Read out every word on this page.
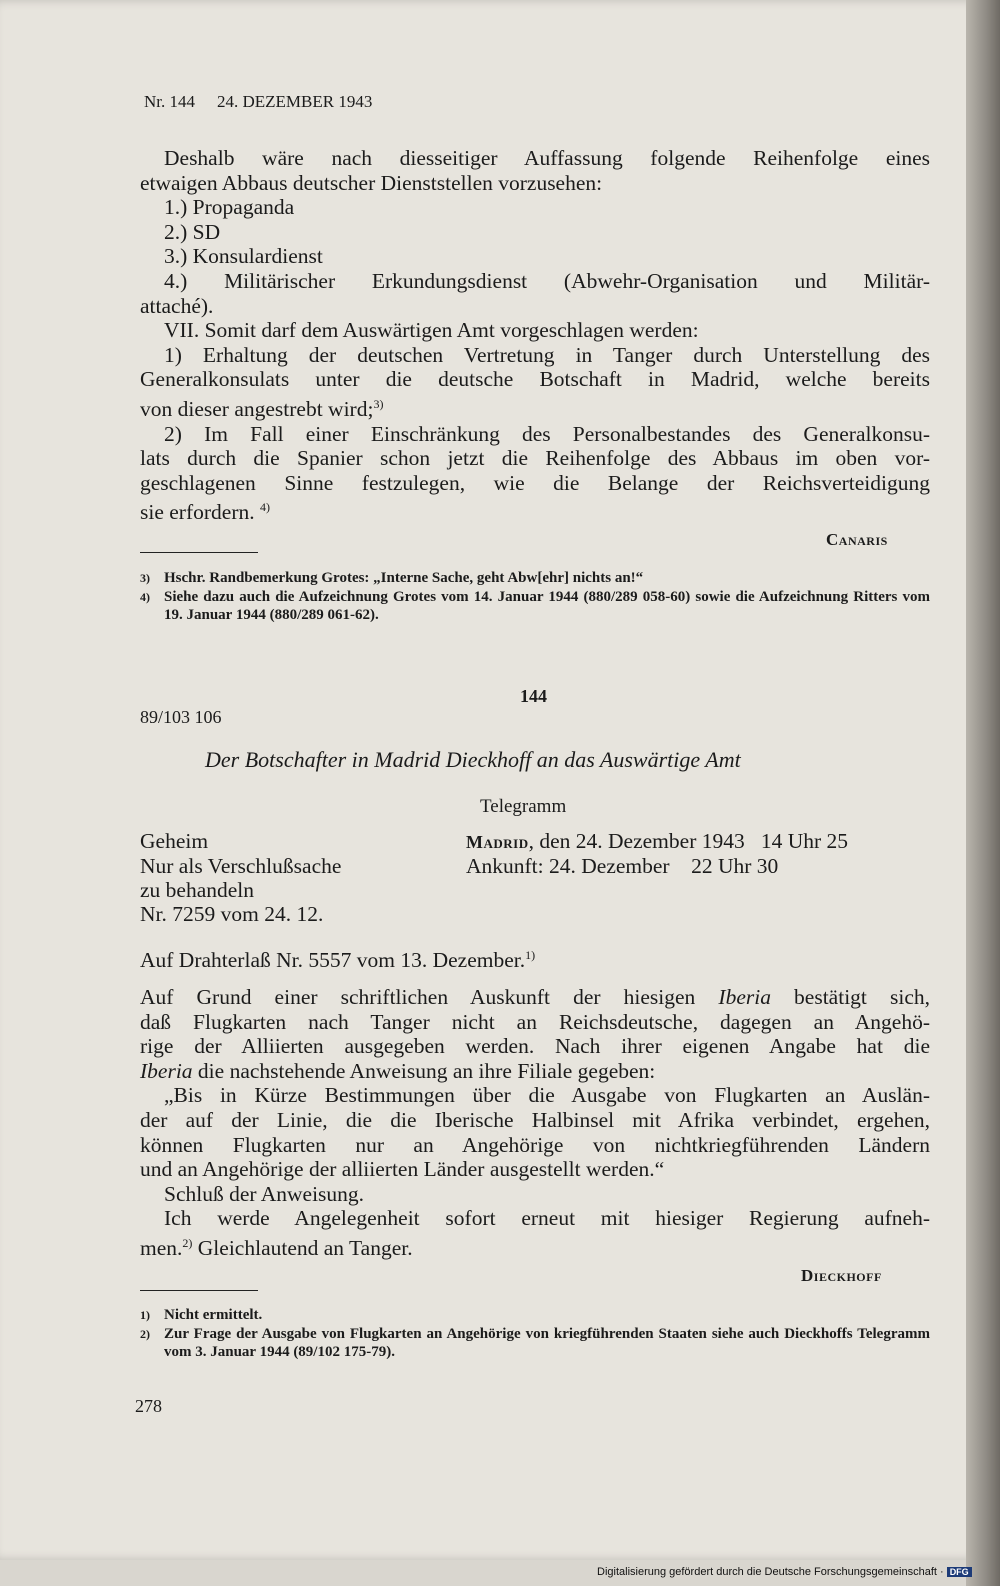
Nr. 144 24. DEZEMBER 1943
Deshalb wäre nach diesseitiger Auffassung folgende Reihenfolge eines
etwaigen Abbaus deutscher Dienststellen vorzusehen:
1.) Propaganda
2.) SD
3.) Konsulardienst
4.) Militärischer Erkundungsdienst (Abwehr-Organisation und Militär-
attaché).
VII. Somit darf dem Auswärtigen Amt vorgeschlagen werden:
1) Erhaltung der deutschen Vertretung in Tanger durch Unterstellung des
Generalkonsulats unter die deutsche Botschaft in Madrid, welche bereits
von dieser angestrebt wird;$^{3)}$
2) Im Fall einer Einschränkung des Personalbestandes des Generalkonsu-
lats durch die Spanier schon jetzt die Reihenfolge des Abbaus im oben vor-
geschlagenen Sinne festzulegen, wie die Belange der Reichsverteidigung
sie erfordern. $^{4)}$
Canaris
3) Hschr. Randbemerkung Grotes: „Interne Sache, geht Abw[ehr] nichts an!“
4) Siehe dazu auch die Aufzeichnung Grotes vom 14. Januar 1944 (880/289 058-60) sowie die Aufzeichnung Ritters vom 19. Januar 1944 (880/289 061-62).
144
89/103 106
Der Botschafter in Madrid Dieckhoff an das Auswärtige Amt
Telegramm
Geheim	Madrid, den 24. Dezember 1943   14 Uhr 25
Nur als Verschlußsache	Ankunft: 24. Dezember    22 Uhr 30
zu behandeln
Nr. 7259 vom 24. 12.
Auf Drahterlaß Nr. 5557 vom 13. Dezember.$^{1)}$
Auf Grund einer schriftlichen Auskunft der hiesigen Iberia bestätigt sich,
daß Flugkarten nach Tanger nicht an Reichsdeutsche, dagegen an Angehö-
rige der Alliierten ausgegeben werden. Nach ihrer eigenen Angabe hat die
Iberia die nachstehende Anweisung an ihre Filiale gegeben:
„Bis in Kürze Bestimmungen über die Ausgabe von Flugkarten an Auslän-
der auf der Linie, die die Iberische Halbinsel mit Afrika verbindet, ergehen,
können Flugkarten nur an Angehörige von nichtkriegführenden Ländern
und an Angehörige der alliierten Länder ausgestellt werden.“
Schluß der Anweisung.
Ich werde Angelegenheit sofort erneut mit hiesiger Regierung aufneh-
men.$^{2)}$ Gleichlautend an Tanger.
Dieckhoff
1) Nicht ermittelt.
2) Zur Frage der Ausgabe von Flugkarten an Angehörige von kriegführenden Staaten siehe auch Dieckhoffs Telegramm vom 3. Januar 1944 (89/102 175-79).
278
Digitalisierung gefördert durch die Deutsche Forschungsgemeinschaft · DFG
